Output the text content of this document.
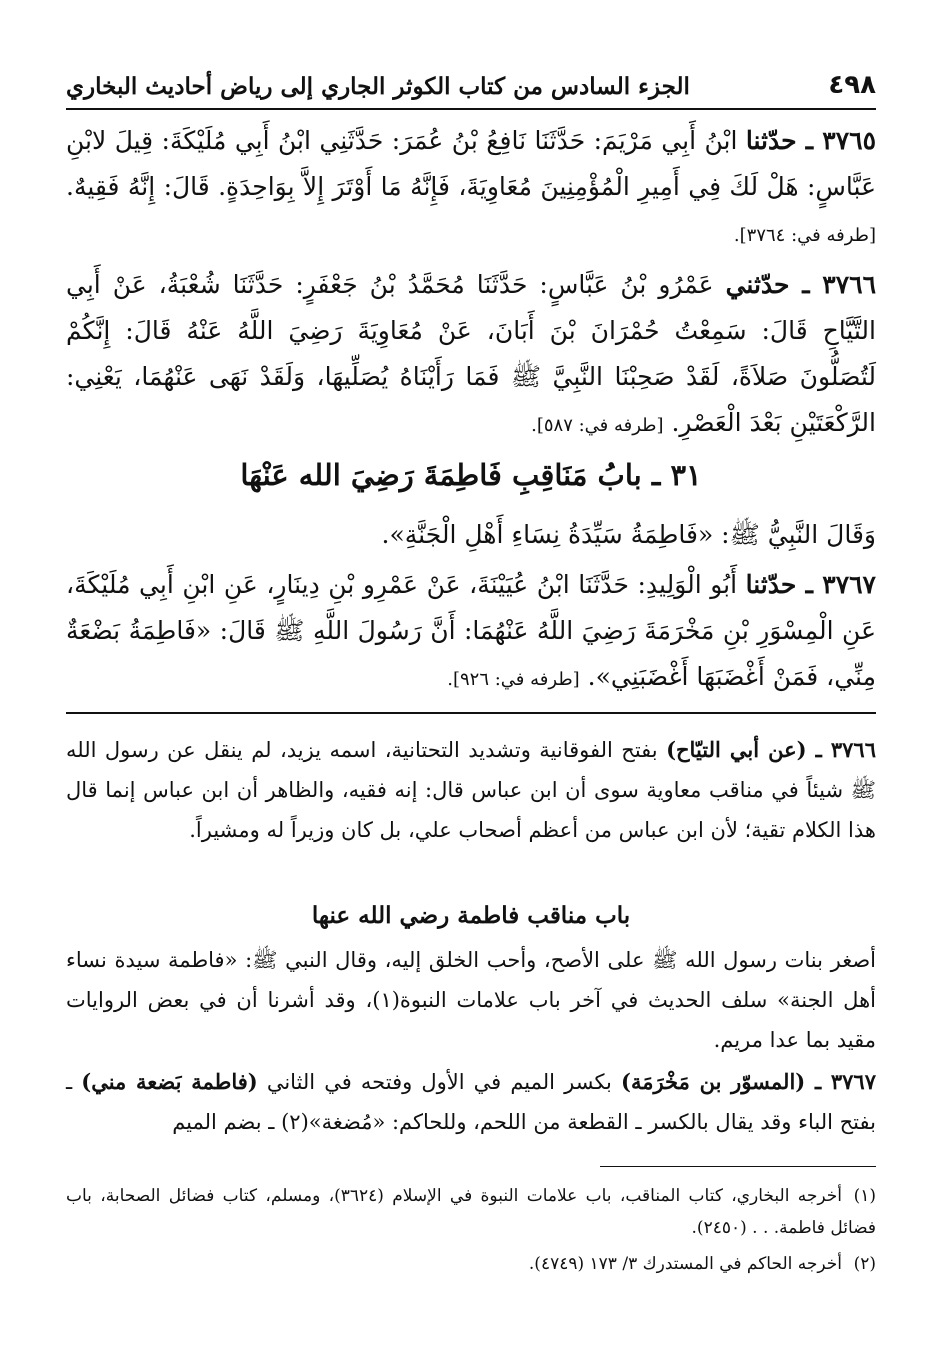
٤٩٨
الجزء السادس من كتاب الكوثر الجاري إلى رياض أحاديث البخاري
٣٧٦٥ ـ حدّثنا ابْنُ أَبِي مَرْيَمَ: حَدَّثَنَا نَافِعُ بْنُ عُمَرَ: حَدَّثَنِي ابْنُ أَبِي مُلَيْكَةَ: قِيلَ لابْنِ عَبَّاسٍ: هَلْ لَكَ فِي أَمِيرِ الْمُؤْمِنِينَ مُعَاوِيَةَ، فَإِنَّهُ مَا أَوْتَرَ إِلاَّ بِوَاحِدَةٍ. قَالَ: إِنَّهُ فَقِيهٌ. [طرفه في: ٣٧٦٤].
٣٧٦٦ ـ حدّثني عَمْرُو بْنُ عَبَّاسٍ: حَدَّثَنَا مُحَمَّدُ بْنُ جَعْفَرٍ: حَدَّثَنَا شُعْبَةُ، عَنْ أَبِي التَّيَّاحِ قَالَ: سَمِعْتُ حُمْرَانَ بْنَ أَبَانَ، عَنْ مُعَاوِيَةَ رَضِيَ اللَّهُ عَنْهُ قَالَ: إِنَّكُمْ لَتُصَلُّونَ صَلاَةً، لَقَدْ صَحِبْنَا النَّبِيَّ ﷺ فَمَا رَأَيْنَاهُ يُصَلِّيهَا، وَلَقَدْ نَهَى عَنْهُمَا، يَعْنِي: الرَّكْعَتَيْنِ بَعْدَ الْعَصْرِ. [طرفه في: ٥٨٧].
٣١ ـ بابُ مَنَاقِبِ فَاطِمَةَ رَضِيَ الله عَنْهَا
وَقَالَ النَّبِيُّ ﷺ: «فَاطِمَةُ سَيِّدَةُ نِسَاءِ أَهْلِ الْجَنَّةِ».
٣٧٦٧ ـ حدّثنا أَبُو الْوَلِيدِ: حَدَّثَنَا ابْنُ عُيَيْنَةَ، عَنْ عَمْرِو بْنِ دِينَارٍ، عَنِ ابْنِ أَبِي مُلَيْكَةَ، عَنِ الْمِسْوَرِ بْنِ مَخْرَمَةَ رَضِيَ اللَّهُ عَنْهُمَا: أَنَّ رَسُولَ اللَّهِ ﷺ قَالَ: «فَاطِمَةُ بَضْعَةٌ مِنِّي، فَمَنْ أَغْضَبَهَا أَغْضَبَنِي». [طرفه في: ٩٢٦].
٣٧٦٦ ـ (عن أبي التيّاح) بفتح الفوقانية وتشديد التحتانية، اسمه يزيد، لم ينقل عن رسول الله ﷺ شيئاً في مناقب معاوية سوى أن ابن عباس قال: إنه فقيه، والظاهر أن ابن عباس إنما قال هذا الكلام تقية؛ لأن ابن عباس من أعظم أصحاب علي، بل كان وزيراً له ومشيراً.
باب مناقب فاطمة رضي الله عنها
أصغر بنات رسول الله ﷺ على الأصح، وأحب الخلق إليه، وقال النبي ﷺ: «فاطمة سيدة نساء أهل الجنة» سلف الحديث في آخر باب علامات النبوة(١)، وقد أشرنا أن في بعض الروايات مقيد بما عدا مريم.
٣٧٦٧ ـ (المسوّر بن مَخْرَمَة) بكسر الميم في الأول وفتحه في الثاني (فاطمة بَضعة مني) ـ بفتح الباء وقد يقال بالكسر ـ القطعة من اللحم، وللحاكم: «مُضغة»(٢) ـ بضم الميم
(١)أخرجه البخاري، كتاب المناقب، باب علامات النبوة في الإسلام (٣٦٢٤)، ومسلم، كتاب فضائل الصحابة، باب فضائل فاطمة. . . (٢٤٥٠).
(٢)أخرجه الحاكم في المستدرك ٣/ ١٧٣ (٤٧٤٩).
